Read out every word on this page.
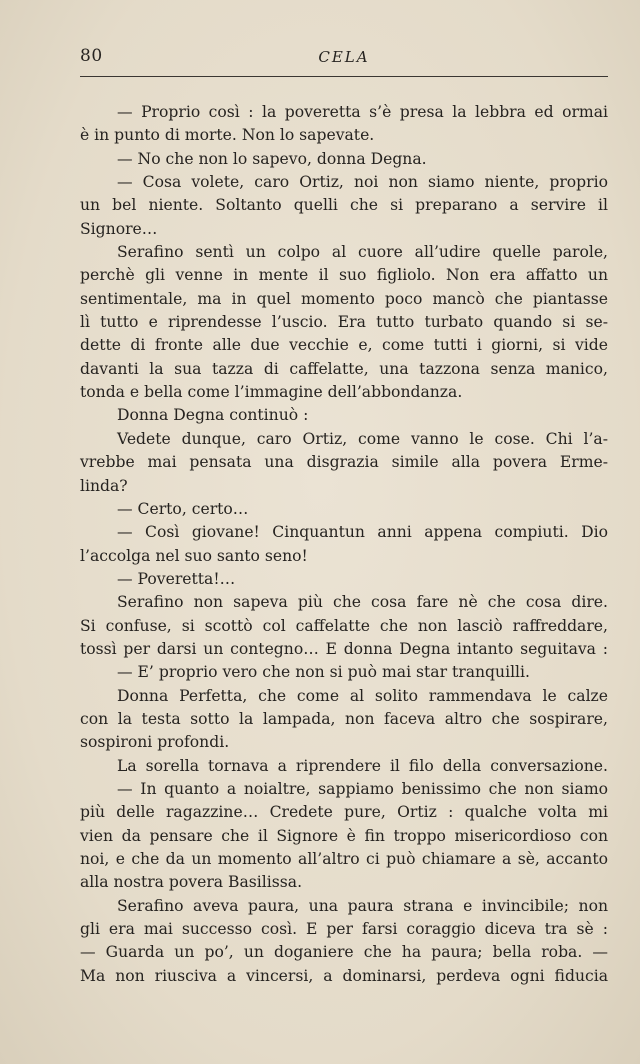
80	CELA
— Proprio così : la poveretta s’è presa la lebbra ed ormai
è in punto di morte. Non lo sapevate.
— No che non lo sapevo, donna Degna.
— Cosa volete, caro Ortiz, noi non siamo niente, proprio
un bel niente. Soltanto quelli che si preparano a servire il
Signore…
Serafino sentì un colpo al cuore all’udire quelle parole,
perchè gli venne in mente il suo figliolo. Non era affatto un
sentimentale, ma in quel momento poco mancò che piantasse
lì tutto e riprendesse l’uscio. Era tutto turbato quando si se-
dette di fronte alle due vecchie e, come tutti i giorni, si vide
davanti la sua tazza di caffelatte, una tazzona senza manico,
tonda e bella come l’immagine dell’abbondanza.
Donna Degna continuò :
Vedete dunque, caro Ortiz, come vanno le cose. Chi l’a-
vrebbe mai pensata una disgrazia simile alla povera Erme-
linda?
— Certo, certo…
— Così giovane! Cinquantun anni appena compiuti. Dio
l’accolga nel suo santo seno!
— Poveretta!…
Serafino non sapeva più che cosa fare nè che cosa dire.
Si confuse, si scottò col caffelatte che non lasciò raffreddare,
tossì per darsi un contegno… E donna Degna intanto seguitava :
— E’ proprio vero che non si può mai star tranquilli.
Donna Perfetta, che come al solito rammendava le calze
con la testa sotto la lampada, non faceva altro che sospirare,
sospironi profondi.
La sorella tornava a riprendere il filo della conversazione.
— In quanto a noialtre, sappiamo benissimo che non siamo
più delle ragazzine… Credete pure, Ortiz : qualche volta mi
vien da pensare che il Signore è fin troppo misericordioso con
noi, e che da un momento all’altro ci può chiamare a sè, accanto
alla nostra povera Basilissa.
Serafino aveva paura, una paura strana e invincibile; non
gli era mai successo così. E per farsi coraggio diceva tra sè :
— Guarda un po’, un doganiere che ha paura; bella roba. —
Ma non riusciva a vincersi, a dominarsi, perdeva ogni fiducia
